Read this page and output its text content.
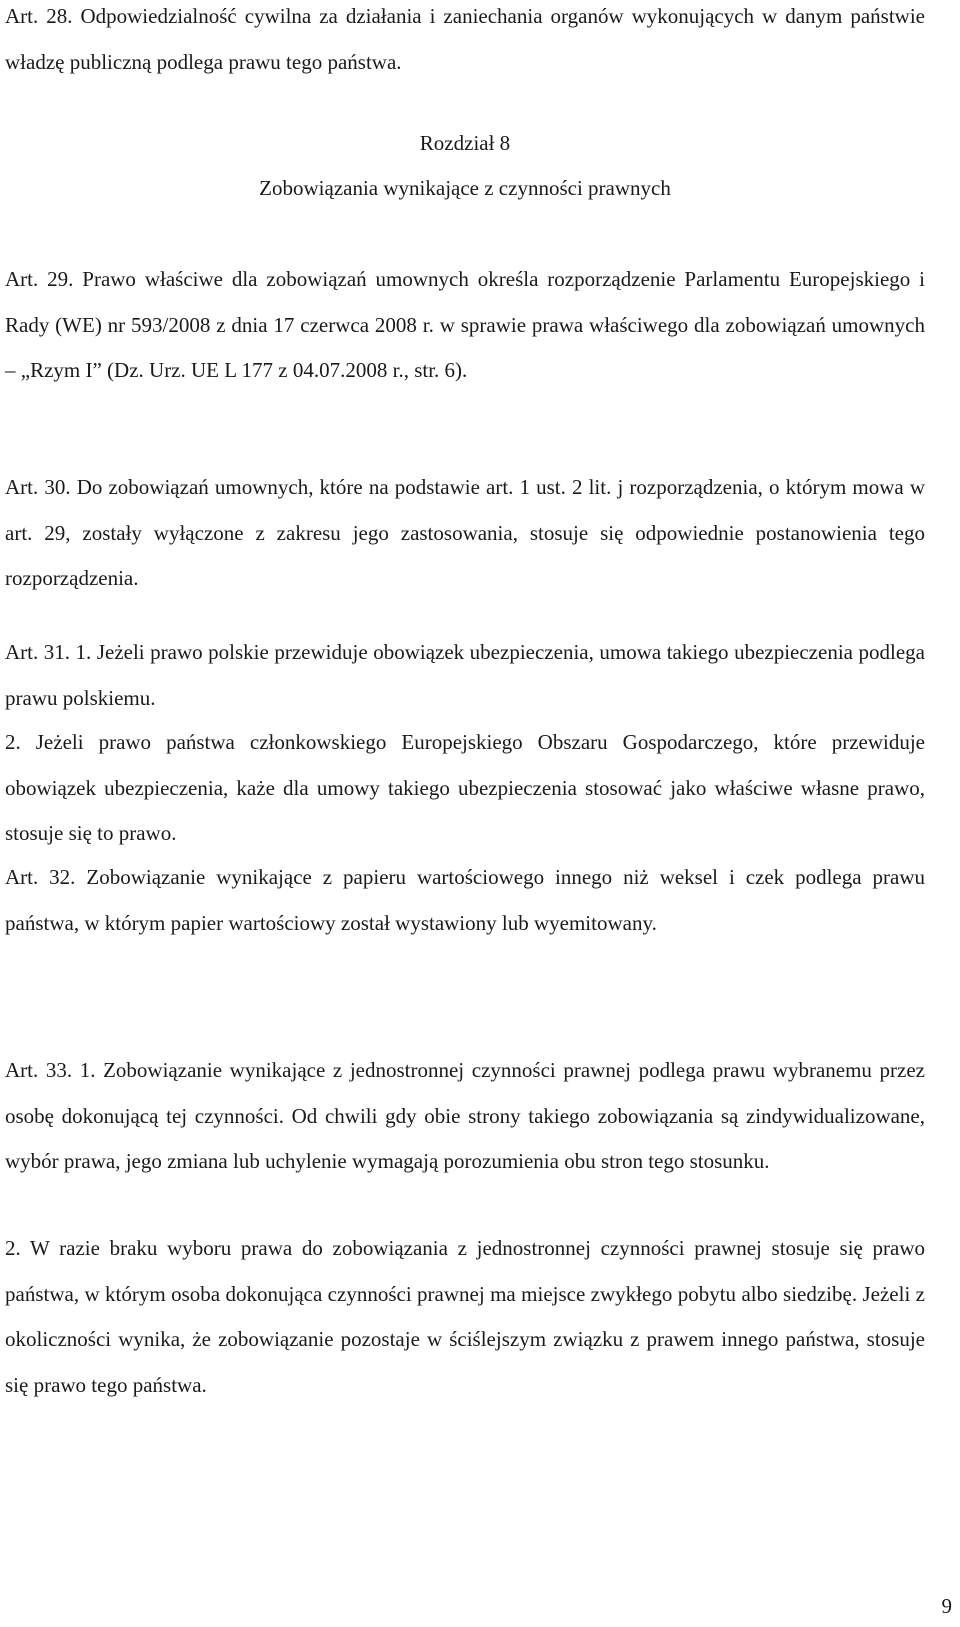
Art. 28. Odpowiedzialność cywilna za działania i zaniechania organów wykonujących w danym państwie władzę publiczną podlega prawu tego państwa.

Rozdział 8

Zobowiązania wynikające z czynności prawnych

Art. 29. Prawo właściwe dla zobowiązań umownych określa rozporządzenie Parlamentu Europejskiego i Rady (WE) nr 593/2008 z dnia 17 czerwca 2008 r. w sprawie prawa właściwego dla zobowiązań umownych – „Rzym I” (Dz. Urz. UE L 177 z 04.07.2008 r., str. 6).

Art. 30. Do zobowiązań umownych, które na podstawie art. 1 ust. 2 lit. j rozporządzenia, o którym mowa w art. 29, zostały wyłączone z zakresu jego zastosowania, stosuje się odpowiednie postanowienia tego rozporządzenia.

Art. 31. 1. Jeżeli prawo polskie przewiduje obowiązek ubezpieczenia, umowa takiego ubezpieczenia podlega prawu polskiemu.

2. Jeżeli prawo państwa członkowskiego Europejskiego Obszaru Gospodarczego, które przewiduje obowiązek ubezpieczenia, każe dla umowy takiego ubezpieczenia stosować jako właściwe własne prawo, stosuje się to prawo.

Art. 32. Zobowiązanie wynikające z papieru wartościowego innego niż weksel i czek podlega prawu państwa, w którym papier wartościowy został wystawiony lub wyemitowany.

Art. 33. 1. Zobowiązanie wynikające z jednostronnej czynności prawnej podlega prawu wybranemu przez osobę dokonującą tej czynności. Od chwili gdy obie strony takiego zobowiązania są zindywidualizowane, wybór prawa, jego zmiana lub uchylenie wymagają porozumienia obu stron tego stosunku.

2. W razie braku wyboru prawa do zobowiązania z jednostronnej czynności prawnej stosuje się prawo państwa, w którym osoba dokonująca czynności prawnej ma miejsce zwykłego pobytu albo siedzibę. Jeżeli z okoliczności wynika, że zobowiązanie pozostaje w ściślejszym związku z prawem innego państwa, stosuje się prawo tego państwa.

9
